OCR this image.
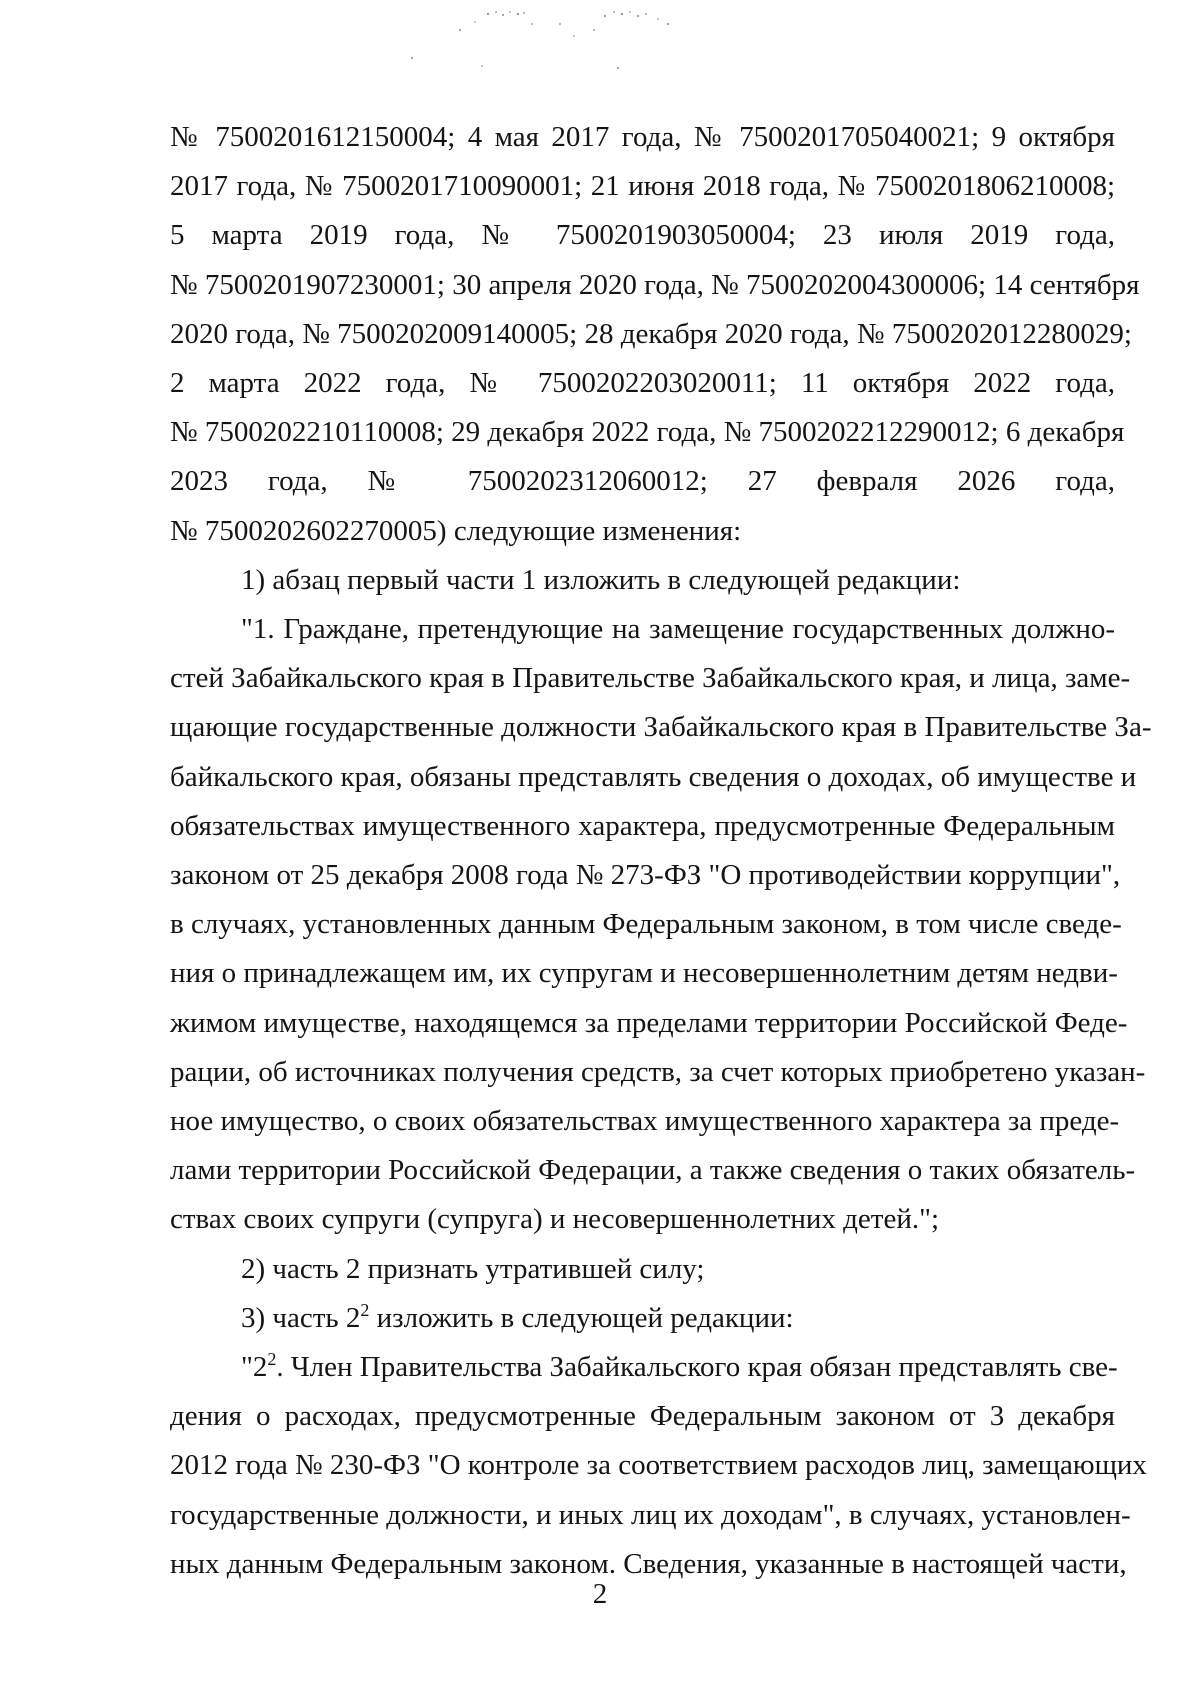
№ 7500201612150004; 4 мая 2017 года, № 7500201705040021; 9 октября
2017 года, № 7500201710090001; 21 июня 2018 года, № 7500201806210008;
5 марта 2019 года, № 7500201903050004; 23 июля 2019 года,
№ 7500201907230001; 30 апреля 2020 года, № 7500202004300006; 14 сентября
2020 года, № 7500202009140005; 28 декабря 2020 года, № 7500202012280029;
2 марта 2022 года, № 7500202203020011; 11 октября 2022 года,
№ 7500202210110008; 29 декабря 2022 года, № 7500202212290012; 6 декабря
2023 года, № 7500202312060012; 27 февраля 2026 года,
№ 7500202602270005) следующие изменения:
1) абзац первый части 1 изложить в следующей редакции:
"1. Граждане, претендующие на замещение государственных должно-
стей Забайкальского края в Правительстве Забайкальского края, и лица, заме-
щающие государственные должности Забайкальского края в Правительстве За-
байкальского края, обязаны представлять сведения о доходах, об имуществе и
обязательствах имущественного характера, предусмотренные Федеральным
законом от 25 декабря 2008 года № 273-ФЗ "О противодействии коррупции",
в случаях, установленных данным Федеральным законом, в том числе сведе-
ния о принадлежащем им, их супругам и несовершеннолетним детям недви-
жимом имуществе, находящемся за пределами территории Российской Феде-
рации, об источниках получения средств, за счет которых приобретено указан-
ное имущество, о своих обязательствах имущественного характера за преде-
лами территории Российской Федерации, а также сведения о таких обязатель-
ствах своих супруги (супруга) и несовершеннолетних детей.";
2) часть 2 признать утратившей силу;
3) часть $2^2$ изложить в следующей редакции:
"$2^2$. Член Правительства Забайкальского края обязан представлять све-
дения о расходах, предусмотренные Федеральным законом от 3 декабря
2012 года № 230-ФЗ "О контроле за соответствием расходов лиц, замещающих
государственные должности, и иных лиц их доходам", в случаях, установлен-
ных данным Федеральным законом. Сведения, указанные в настоящей части,
2
